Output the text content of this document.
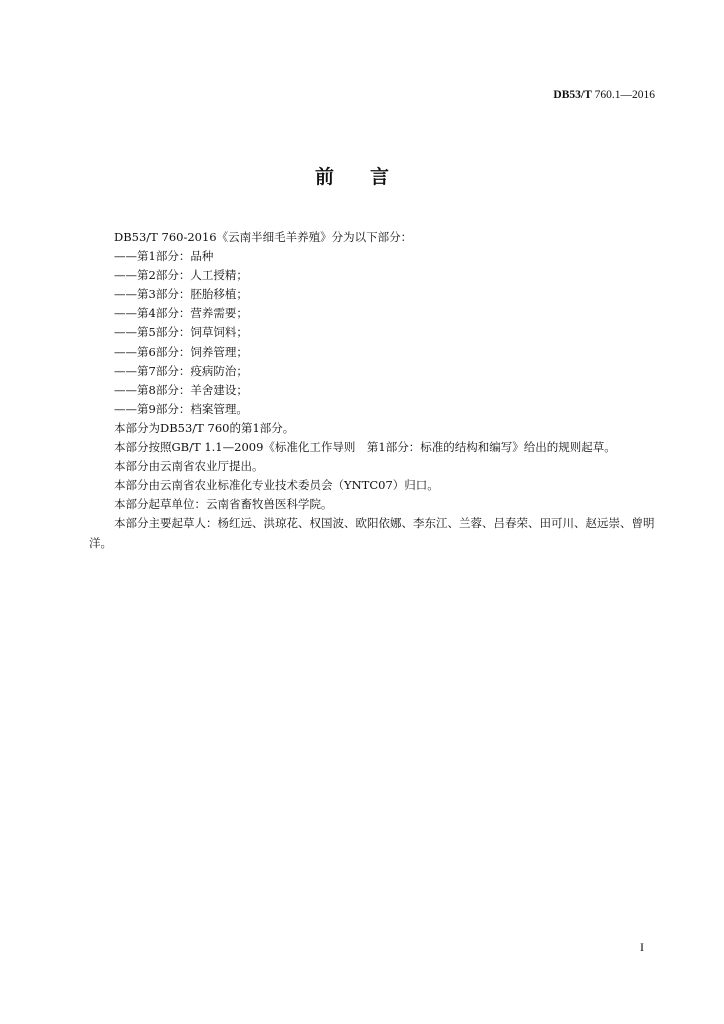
DB53/T 760.1—2016
前言
DB53/T 760-2016《云南半细毛羊养殖》分为以下部分：
——第1部分：品种
——第2部分：人工授精；
——第3部分：胚胎移植；
——第4部分：营养需要；
——第5部分：饲草饲料；
——第6部分：饲养管理；
——第7部分：疫病防治；
——第8部分：羊舍建设；
——第9部分：档案管理。
本部分为DB53/T 760的第1部分。
本部分按照GB/T 1.1—2009《标准化工作导则　第1部分：标准的结构和编写》给出的规则起草。
本部分由云南省农业厅提出。
本部分由云南省农业标准化专业技术委员会（YNTC07）归口。
本部分起草单位：云南省畜牧兽医科学院。
本部分主要起草人：杨红远、洪琼花、权国波、欧阳依娜、李东江、兰蓉、吕春荣、田可川、赵远崇、曾明洋。
I
